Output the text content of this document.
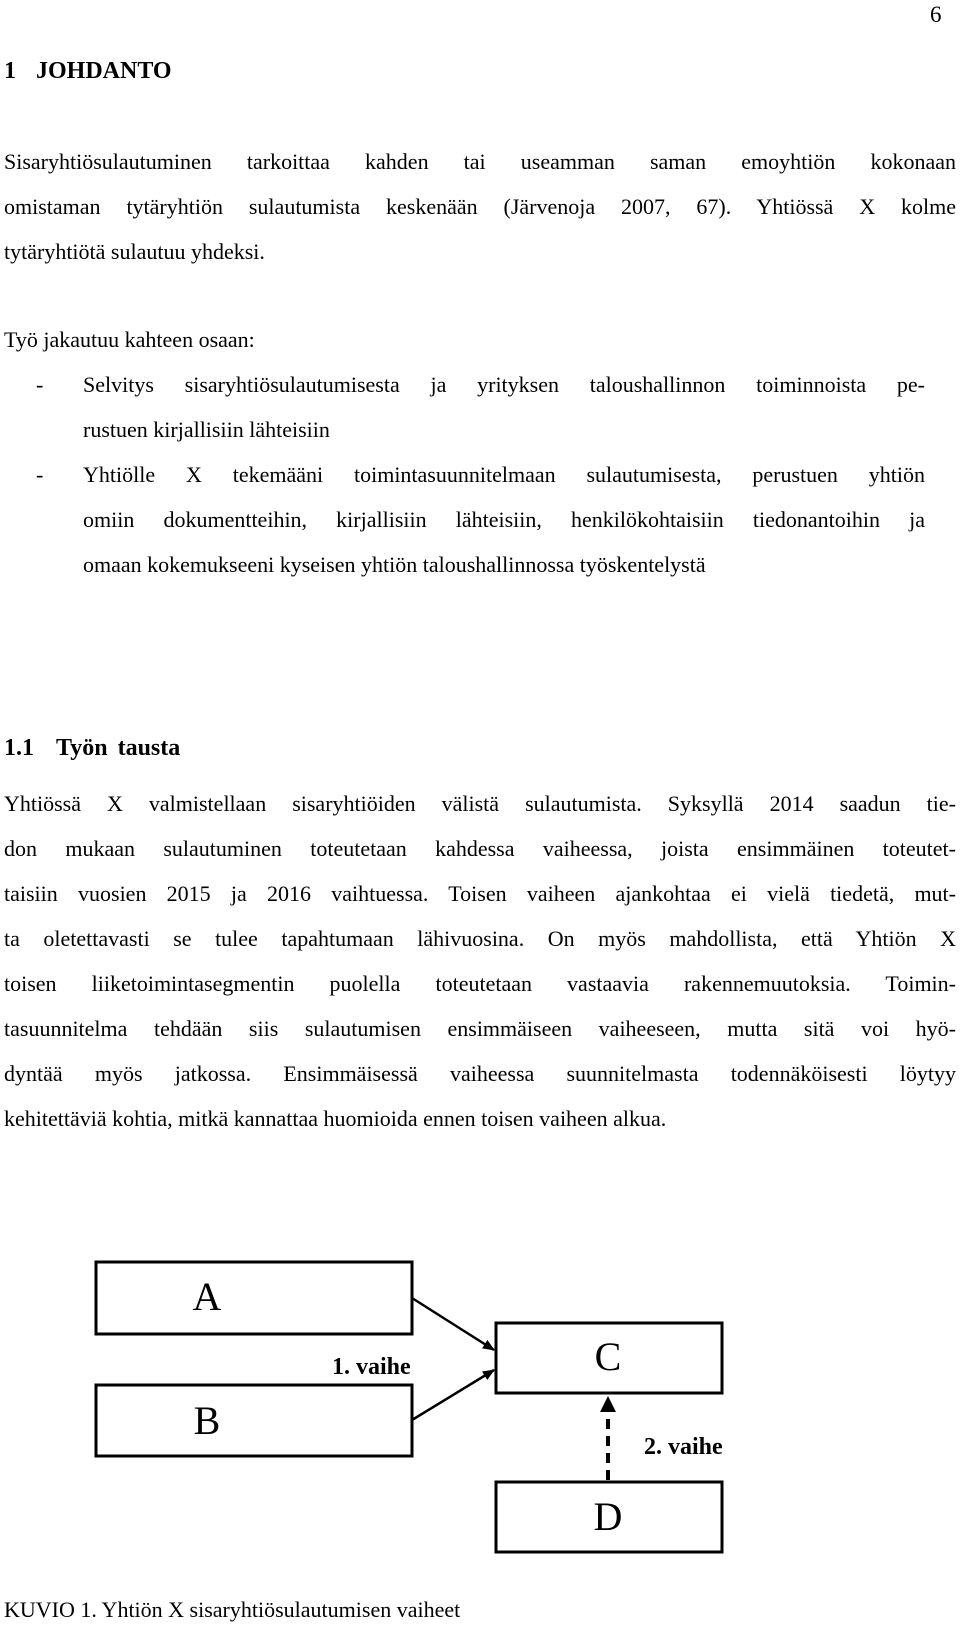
6
1 JOHDANTO
Sisaryhtiösulautuminen tarkoittaa kahden tai useamman saman emoyhtiön kokonaan
omistaman tytäryhtiön sulautumista keskenään (Järvenoja 2007, 67). Yhtiössä X kolme
tytäryhtiötä sulautuu yhdeksi.
Työ jakautuu kahteen osaan:
- Selvitys sisaryhtiösulautumisesta ja yrityksen taloushallinnon toiminnoista pe-
rustuen kirjallisiin lähteisiin
- Yhtiölle X tekemääni toimintasuunnitelmaan sulautumisesta, perustuen yhtiön
omiin dokumentteihin, kirjallisiin lähteisiin, henkilökohtaisiin tiedonantoihin ja
omaan kokemukseeni kyseisen yhtiön taloushallinnossa työskentelystä
1.1 Työn tausta
Yhtiössä X valmistellaan sisaryhtiöiden välistä sulautumista. Syksyllä 2014 saadun tie-
don mukaan sulautuminen toteutetaan kahdessa vaiheessa, joista ensimmäinen toteutet-
taisiin vuosien 2015 ja 2016 vaihtuessa. Toisen vaiheen ajankohtaa ei vielä tiedetä, mut-
ta oletettavasti se tulee tapahtumaan lähivuosina. On myös mahdollista, että Yhtiön X
toisen liiketoimintasegmentin puolella toteutetaan vastaavia rakennemuutoksia. Toimin-
tasuunnitelma tehdään siis sulautumisen ensimmäiseen vaiheeseen, mutta sitä voi hyö-
dyntää myös jatkossa. Ensimmäisessä vaiheessa suunnitelmasta todennäköisesti löytyy
kehitettäviä kohtia, mitkä kannattaa huomioida ennen toisen vaiheen alkua.
A
B
C
D
1. vaihe
2. vaihe
KUVIO 1. Yhtiön X sisaryhtiösulautumisen vaiheet
